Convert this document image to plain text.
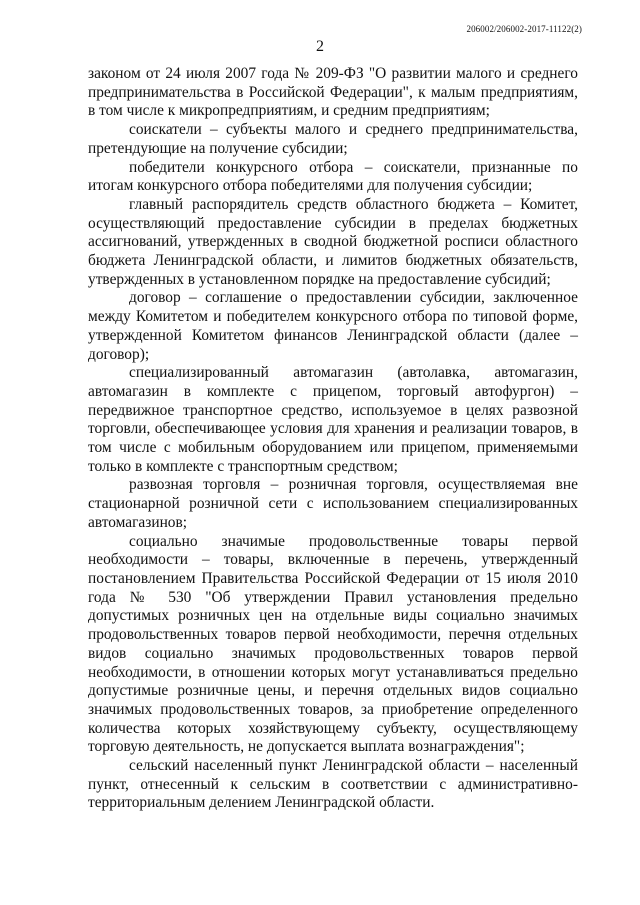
206002/206002-2017-11122(2)
2

законом от 24 июля 2007 года № 209-ФЗ "О развитии малого и среднего предпринимательства в Российской Федерации", к малым предприятиям, в том числе к микропредприятиям, и средним предприятиям;

соискатели – субъекты малого и среднего предпринимательства, претендующие на получение субсидии;

победители конкурсного отбора – соискатели, признанные по итогам конкурсного отбора победителями для получения субсидии;

главный распорядитель средств областного бюджета – Комитет, осуществляющий предоставление субсидии в пределах бюджетных ассигнований, утвержденных в сводной бюджетной росписи областного бюджета Ленинградской области, и лимитов бюджетных обязательств, утвержденных в установленном порядке на предоставление субсидий;

договор – соглашение о предоставлении субсидии, заключенное между Комитетом и победителем конкурсного отбора по типовой форме, утвержденной Комитетом финансов Ленинградской области (далее – договор);

специализированный автомагазин (автолавка, автомагазин, автомагазин в комплекте с прицепом, торговый автофургон) – передвижное транспортное средство, используемое в целях развозной торговли, обеспечивающее условия для хранения и реализации товаров, в том числе с мобильным оборудованием или прицепом, применяемыми только в комплекте с транспортным средством;

развозная торговля – розничная торговля, осуществляемая вне стационарной розничной сети с использованием специализированных автомагазинов;

социально значимые продовольственные товары первой необходимости – товары, включенные в перечень, утвержденный постановлением Правительства Российской Федерации от 15 июля 2010 года № 530 "Об утверждении Правил установления предельно допустимых розничных цен на отдельные виды социально значимых продовольственных товаров первой необходимости, перечня отдельных видов социально значимых продовольственных товаров первой необходимости, в отношении которых могут устанавливаться предельно допустимые розничные цены, и перечня отдельных видов социально значимых продовольственных товаров, за приобретение определенного количества которых хозяйствующему субъекту, осуществляющему торговую деятельность, не допускается выплата вознаграждения";

сельский населенный пункт Ленинградской области – населенный пункт, отнесенный к сельским в соответствии с административно-территориальным делением Ленинградской области.
